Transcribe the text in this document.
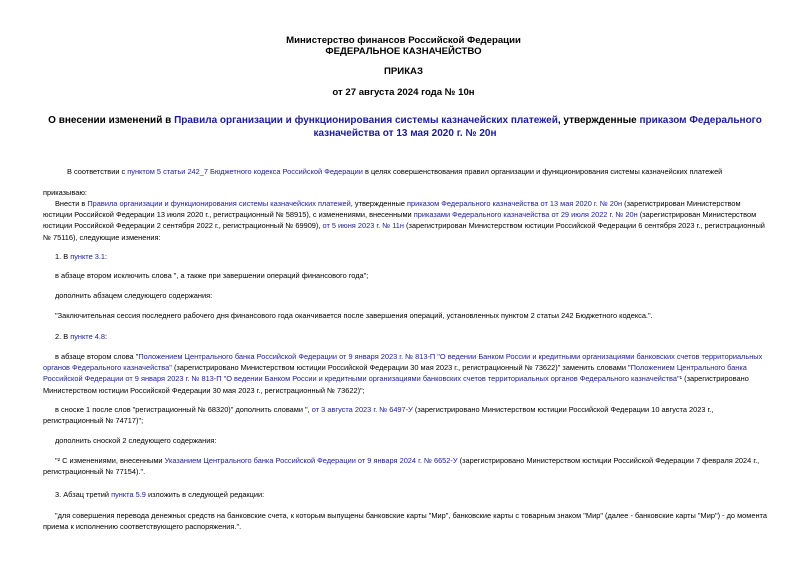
Министерство финансов Российской Федерации
ФЕДЕРАЛЬНОЕ КАЗНАЧЕЙСТВО
ПРИКАЗ
от 27 августа 2024 года № 10н
О внесении изменений в Правила организации и функционирования системы казначейских платежей, утвержденные приказом Федерального казначейства от 13 мая 2020 г. № 20н
В соответствии с пунктом 5 статьи 242_7 Бюджетного кодекса Российской Федерации в целях совершенствования правил организации и функционирования системы казначейских платежей
приказываю:
Внести в Правила организации и функционирования системы казначейских платежей, утвержденные приказом Федерального казначейства от 13 мая 2020 г. № 20н (зарегистрирован Министерством юстиции Российской Федерации 13 июля 2020 г., регистрационный № 58915), с изменениями, внесенными приказами Федерального казначейства от 29 июля 2022 г. № 20н (зарегистрирован Министерством юстиции Российской Федерации 2 сентября 2022 г., регистрационный № 69909), от 5 июня 2023 г. № 11н (зарегистрирован Министерством юстиции Российской Федерации 6 сентября 2023 г., регистрационный № 75116), следующие изменения:
1. В пункте 3.1:
в абзаце втором исключить слова ", а также при завершении операций финансового года";
дополнить абзацем следующего содержания:
"Заключительная сессия последнего рабочего дня финансового года оканчивается после завершения операций, установленных пунктом 2 статьи 242 Бюджетного кодекса.".
2. В пункте 4.8:
в абзаце втором слова "Положением Центрального банка Российской Федерации от 9 января 2023 г. № 813-П "О ведении Банком России и кредитными организациями банковских счетов территориальных органов Федерального казначейства" (зарегистрировано Министерством юстиции Российской Федерации 30 мая 2023 г., регистрационный № 73622)" заменить словами "Положением Центрального банка Российской Федерации от 9 января 2023 г. № 813-П "О ведении Банком России и кредитными организациями банковских счетов территориальных органов Федерального казначейства"¹ (зарегистрировано Министерством юстиции Российской Федерации 30 мая 2023 г., регистрационный № 73622)";
в сноске 1 после слов "регистрационный № 68320)" дополнить словами ", от 3 августа 2023 г. № 6497-У (зарегистрировано Министерством юстиции Российской Федерации 10 августа 2023 г., регистрационный № 74717)";
дополнить сноской 2 следующего содержания:
"² С изменениями, внесенными Указанием Центрального банка Российской Федерации от 9 января 2024 г. № 6652-У (зарегистрировано Министерством юстиции Российской Федерации 7 февраля 2024 г., регистрационный № 77154).".
3. Абзац третий пункта 5.9 изложить в следующей редакции:
"для совершения перевода денежных средств на банковские счета, к которым выпущены банковские карты "Мир", банковские карты с товарным знаком "Мир" (далее - банковские карты "Мир") - до момента приема к исполнению соответствующего распоряжения.".
